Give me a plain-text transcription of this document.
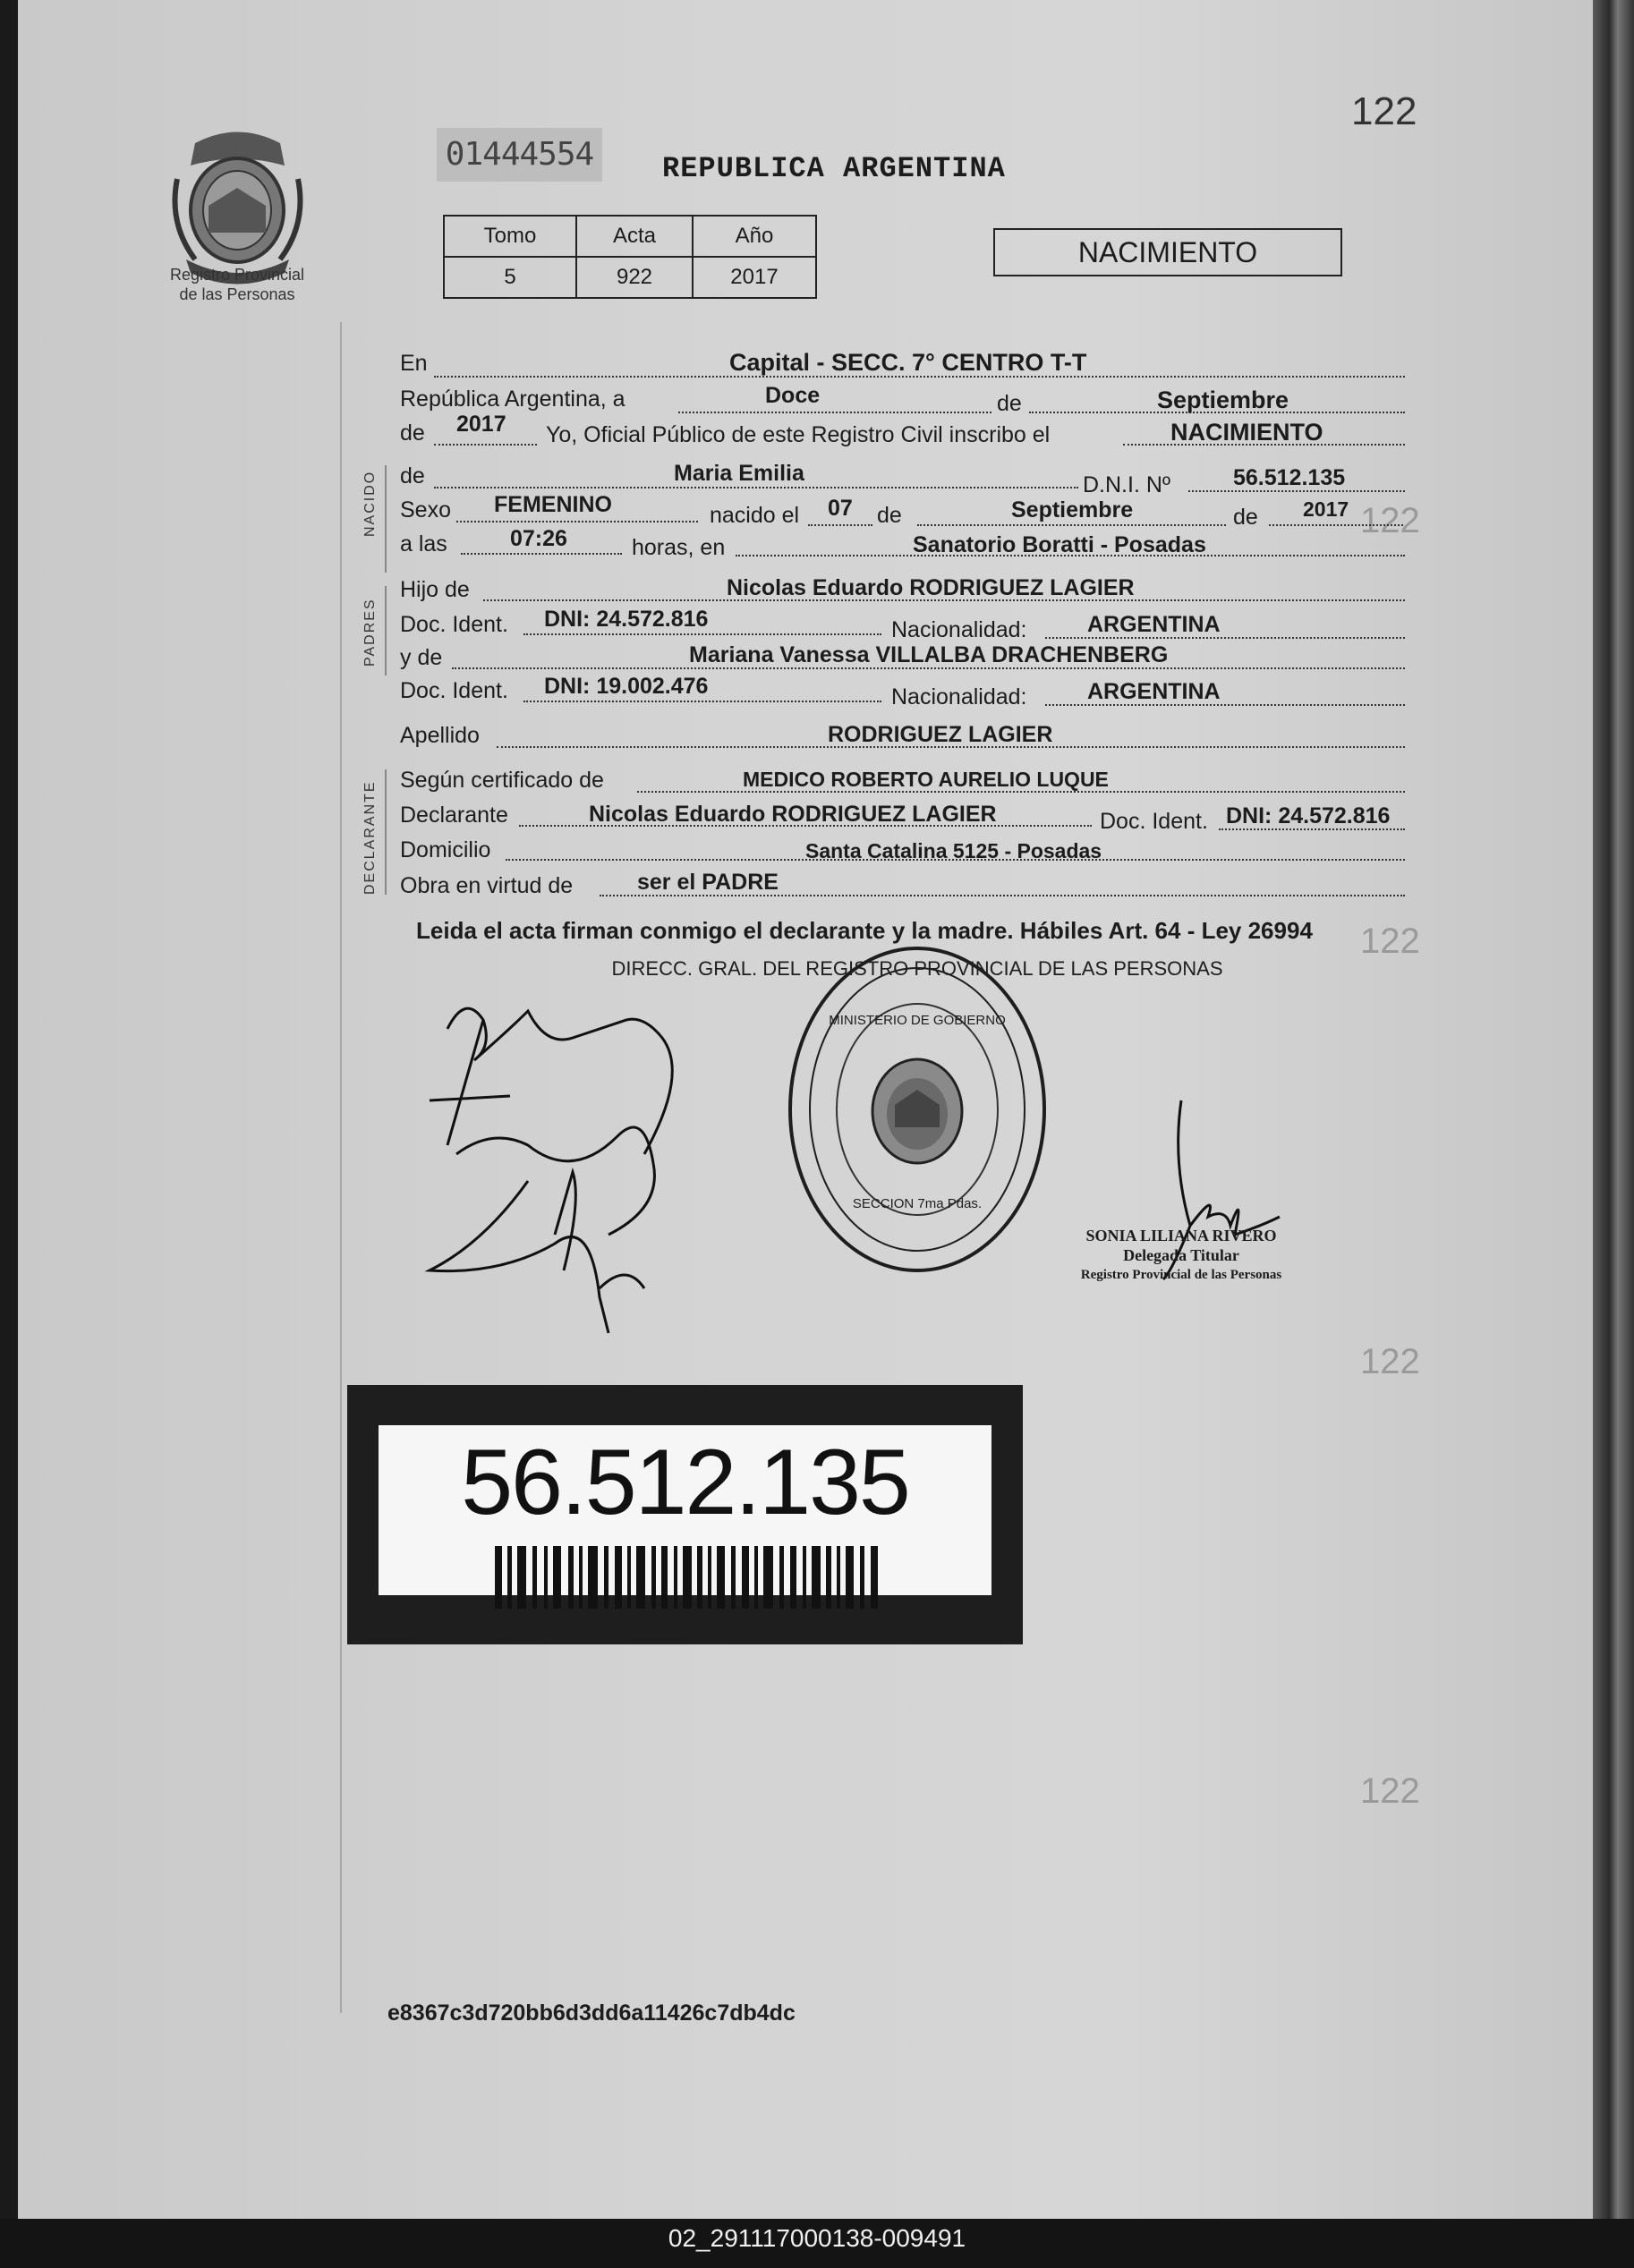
122
122
122
122
122
01444554	REPUBLICA ARGENTINA
Registro Provincial
de las Personas
Tomo	Acta	Año
5	922	2017
NACIMIENTO
NACIDO
PADRES
DECLARANTE
En	Capital - SECC. 7° CENTRO T-T
República Argentina, a	Doce	de	Septiembre
de 2017 Yo, Oficial Público de este Registro Civil inscribo el	NACIMIENTO
de	Maria Emilia	D.N.I. Nº	56.512.135
Sexo FEMENINO	nacido el 07 de	Septiembre	de 2017
a las	07:26	horas, en	Sanatorio Boratti - Posadas
Hijo de	Nicolas Eduardo RODRIGUEZ LAGIER
Doc. Ident. DNI: 24.572.816	Nacionalidad:	ARGENTINA
y de	Mariana Vanessa VILLALBA DRACHENBERG
Doc. Ident. DNI: 19.002.476	Nacionalidad:	ARGENTINA
Apellido	RODRIGUEZ LAGIER
Según certificado de	MEDICO ROBERTO AURELIO LUQUE
Declarante	Nicolas Eduardo RODRIGUEZ LAGIER	Doc. Ident. DNI: 24.572.816
Domicilio	Santa Catalina 5125 - Posadas
Obra en virtud de	ser el PADRE
Leida el acta firman conmigo el declarante y la madre. Hábiles Art. 64 - Ley 26994
DIRECC. GRAL. DEL REGISTRO PROVINCIAL DE LAS PERSONAS
MINISTERIO DE GOBIERNO
SECCION 7ma Pdas.
SONIA LILIANA RIVERO
Delegada Titular
Registro Provincial de las Personas
56.512.135
e8367c3d720bb6d3dd6a11426c7db4dc
02_291117000138-009491
